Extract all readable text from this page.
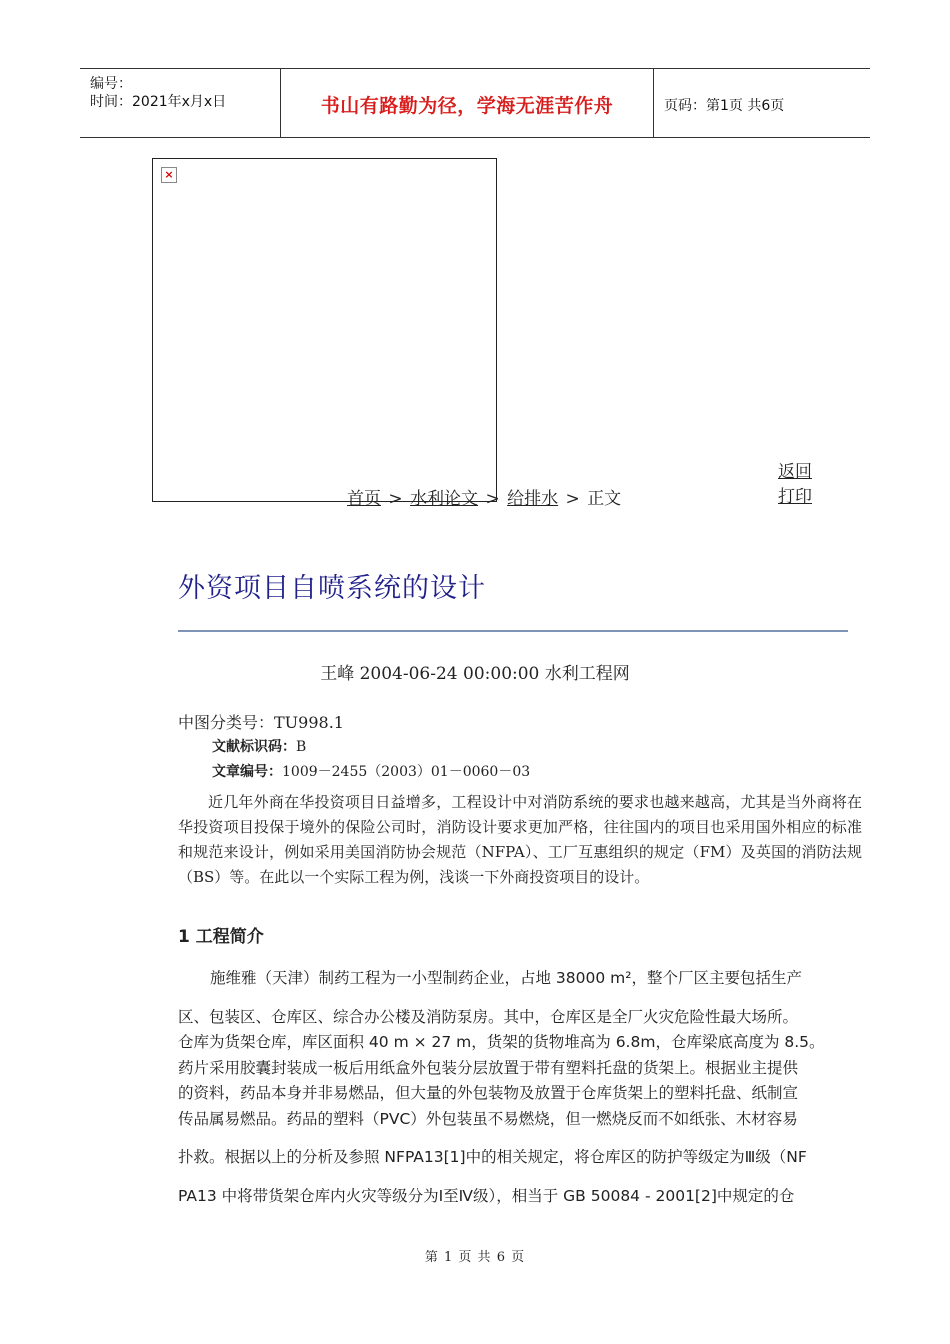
编号：
时间：2021年x月x日	书山有路勤为径，学海无涯苦作舟	页码：第1页 共6页
×
首页 > 水利论文 > 给排水 > 正文
返回
打印
外资项目自喷系统的设计
王峰 2004-06-24 00:00:00 水利工程网
中图分类号：TU998.1
文献标识码：B
文章编号：1009－2455（2003）01－0060－03
近几年外商在华投资项目日益增多，工程设计中对消防系统的要求也越来越高，尤其是当外商将在华投资项目投保于境外的保险公司时，消防设计要求更加严格，往往国内的项目也采用国外相应的标准和规范来设计，例如采用美国消防协会规范（NFPA）、工厂互惠组织的规定（FM）及英国的消防法规（BS）等。在此以一个实际工程为例，浅谈一下外商投资项目的设计。
1 工程简介
施维雅（天津）制药工程为一小型制药企业，占地 38000 m²，整个厂区主要包括生产
区、包装区、仓库区、综合办公楼及消防泵房。其中，仓库区是全厂火灾危险性最大场所。
仓库为货架仓库，库区面积 40 m × 27 m，货架的货物堆高为 6.8m，仓库梁底高度为 8.5。
药片采用胶囊封装成一板后用纸盒外包装分层放置于带有塑料托盘的货架上。根据业主提供
的资料，药品本身并非易燃品，但大量的外包装物及放置于仓库货架上的塑料托盘、纸制宣
传品属易燃品。药品的塑料（PVC）外包装虽不易燃烧，但一燃烧反而不如纸张、木材容易
扑救。根据以上的分析及参照 NFPA13[1]中的相关规定，将仓库区的防护等级定为Ⅲ级（NF
PA13 中将带货架仓库内火灾等级分为Ⅰ至Ⅳ级），相当于 GB 50084 - 2001[2]中规定的仓
第 1 页 共 6 页
